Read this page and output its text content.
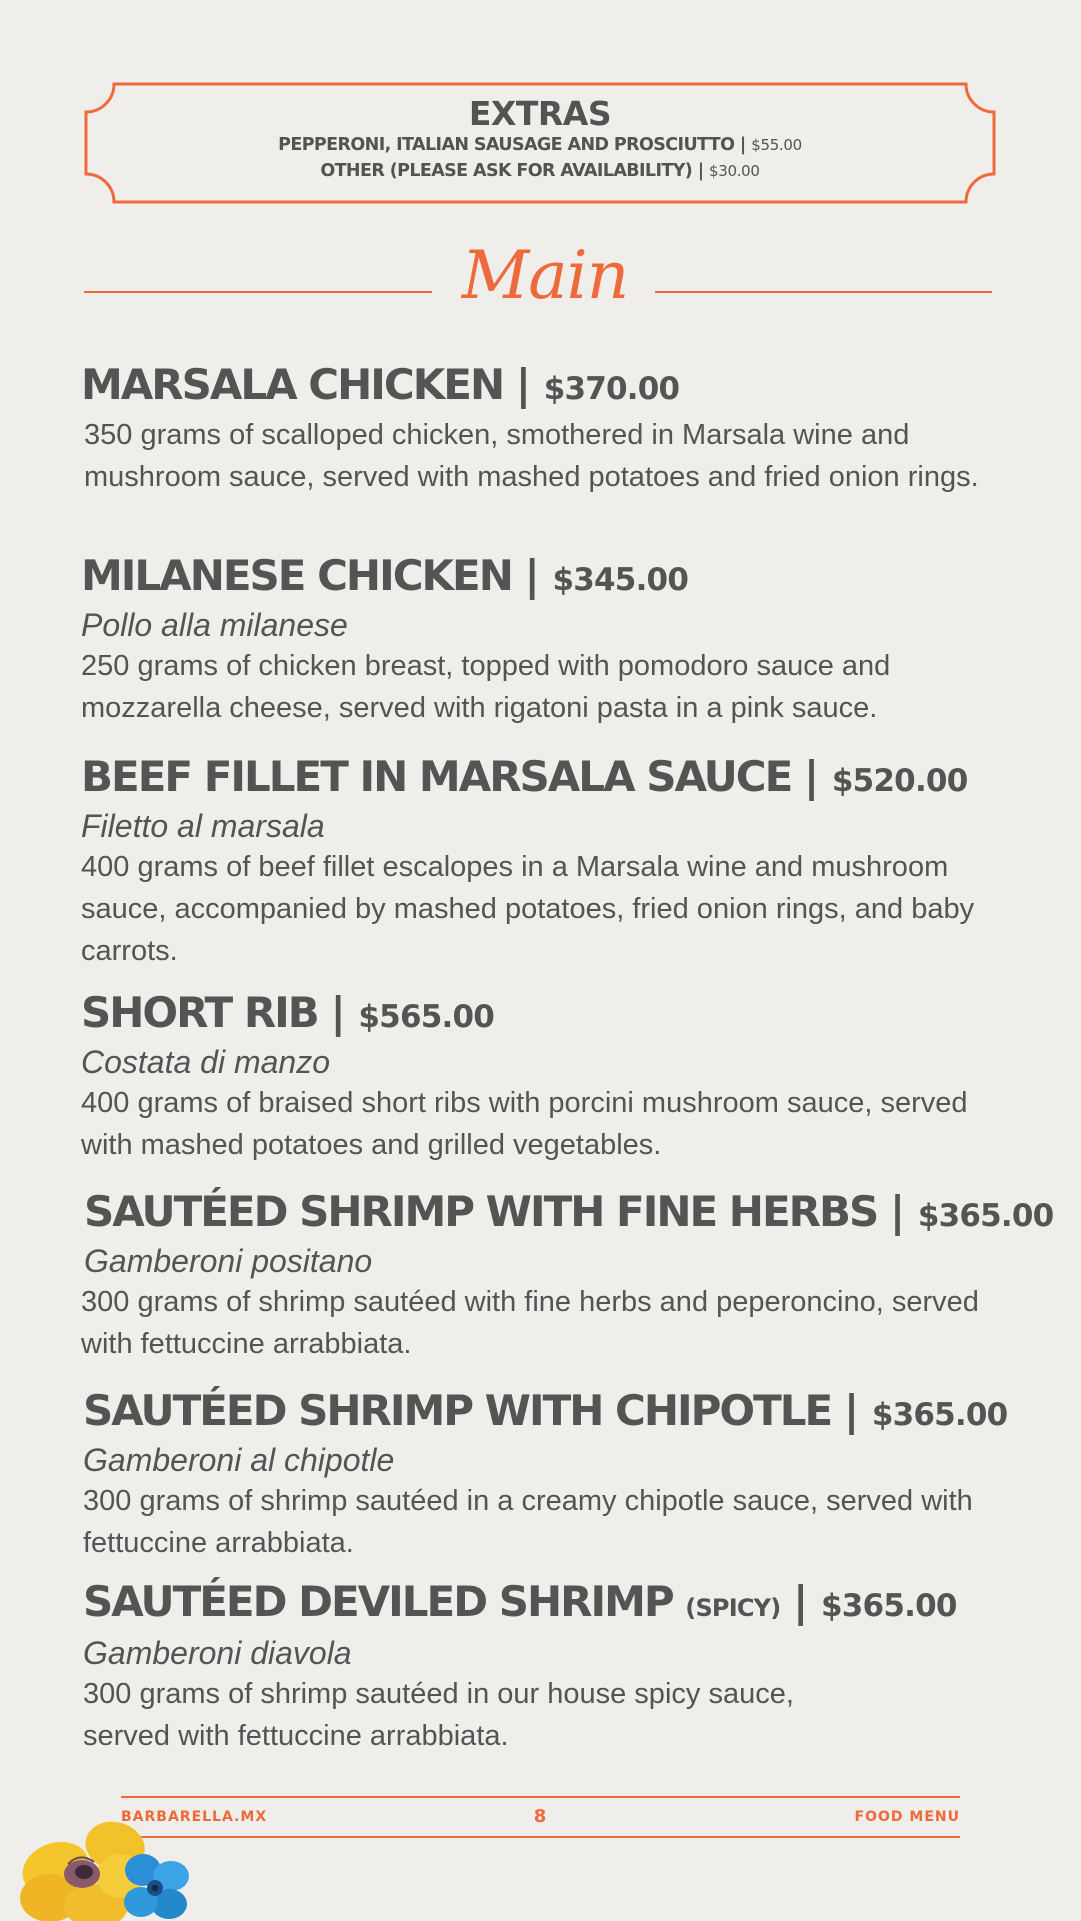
EXTRAS
PEPPERONI, ITALIAN SAUSAGE AND PROSCIUTTO | $55.00
OTHER (PLEASE ASK FOR AVAILABILITY) | $30.00
Main
MARSALA CHICKEN | $370.00
350 grams of scalloped chicken, smothered in Marsala wine and mushroom sauce, served with mashed potatoes and fried onion rings.
MILANESE CHICKEN | $345.00
Pollo alla milanese
250 grams of chicken breast, topped with pomodoro sauce and mozzarella cheese, served with rigatoni pasta in a pink sauce.
BEEF FILLET IN MARSALA SAUCE | $520.00
Filetto al marsala
400 grams of beef fillet escalopes in a Marsala wine and mushroom sauce, accompanied by mashed potatoes, fried onion rings, and baby carrots.
SHORT RIB | $565.00
Costata di manzo
400 grams of braised short ribs with porcini mushroom sauce, served with mashed potatoes and grilled vegetables.
SAUTÉED SHRIMP WITH FINE HERBS | $365.00
Gamberoni positano
300 grams of shrimp sautéed with fine herbs and peperoncino, served with fettuccine arrabbiata.
SAUTÉED SHRIMP WITH CHIPOTLE | $365.00
Gamberoni al chipotle
300 grams of shrimp sautéed in a creamy chipotle sauce, served with fettuccine arrabbiata.
SAUTÉED DEVILED SHRIMP (SPICY) | $365.00
Gamberoni diavola
300 grams of shrimp sautéed in our house spicy sauce,
served with fettuccine arrabbiata.
BARBARELLA.MX	8	FOOD MENU
